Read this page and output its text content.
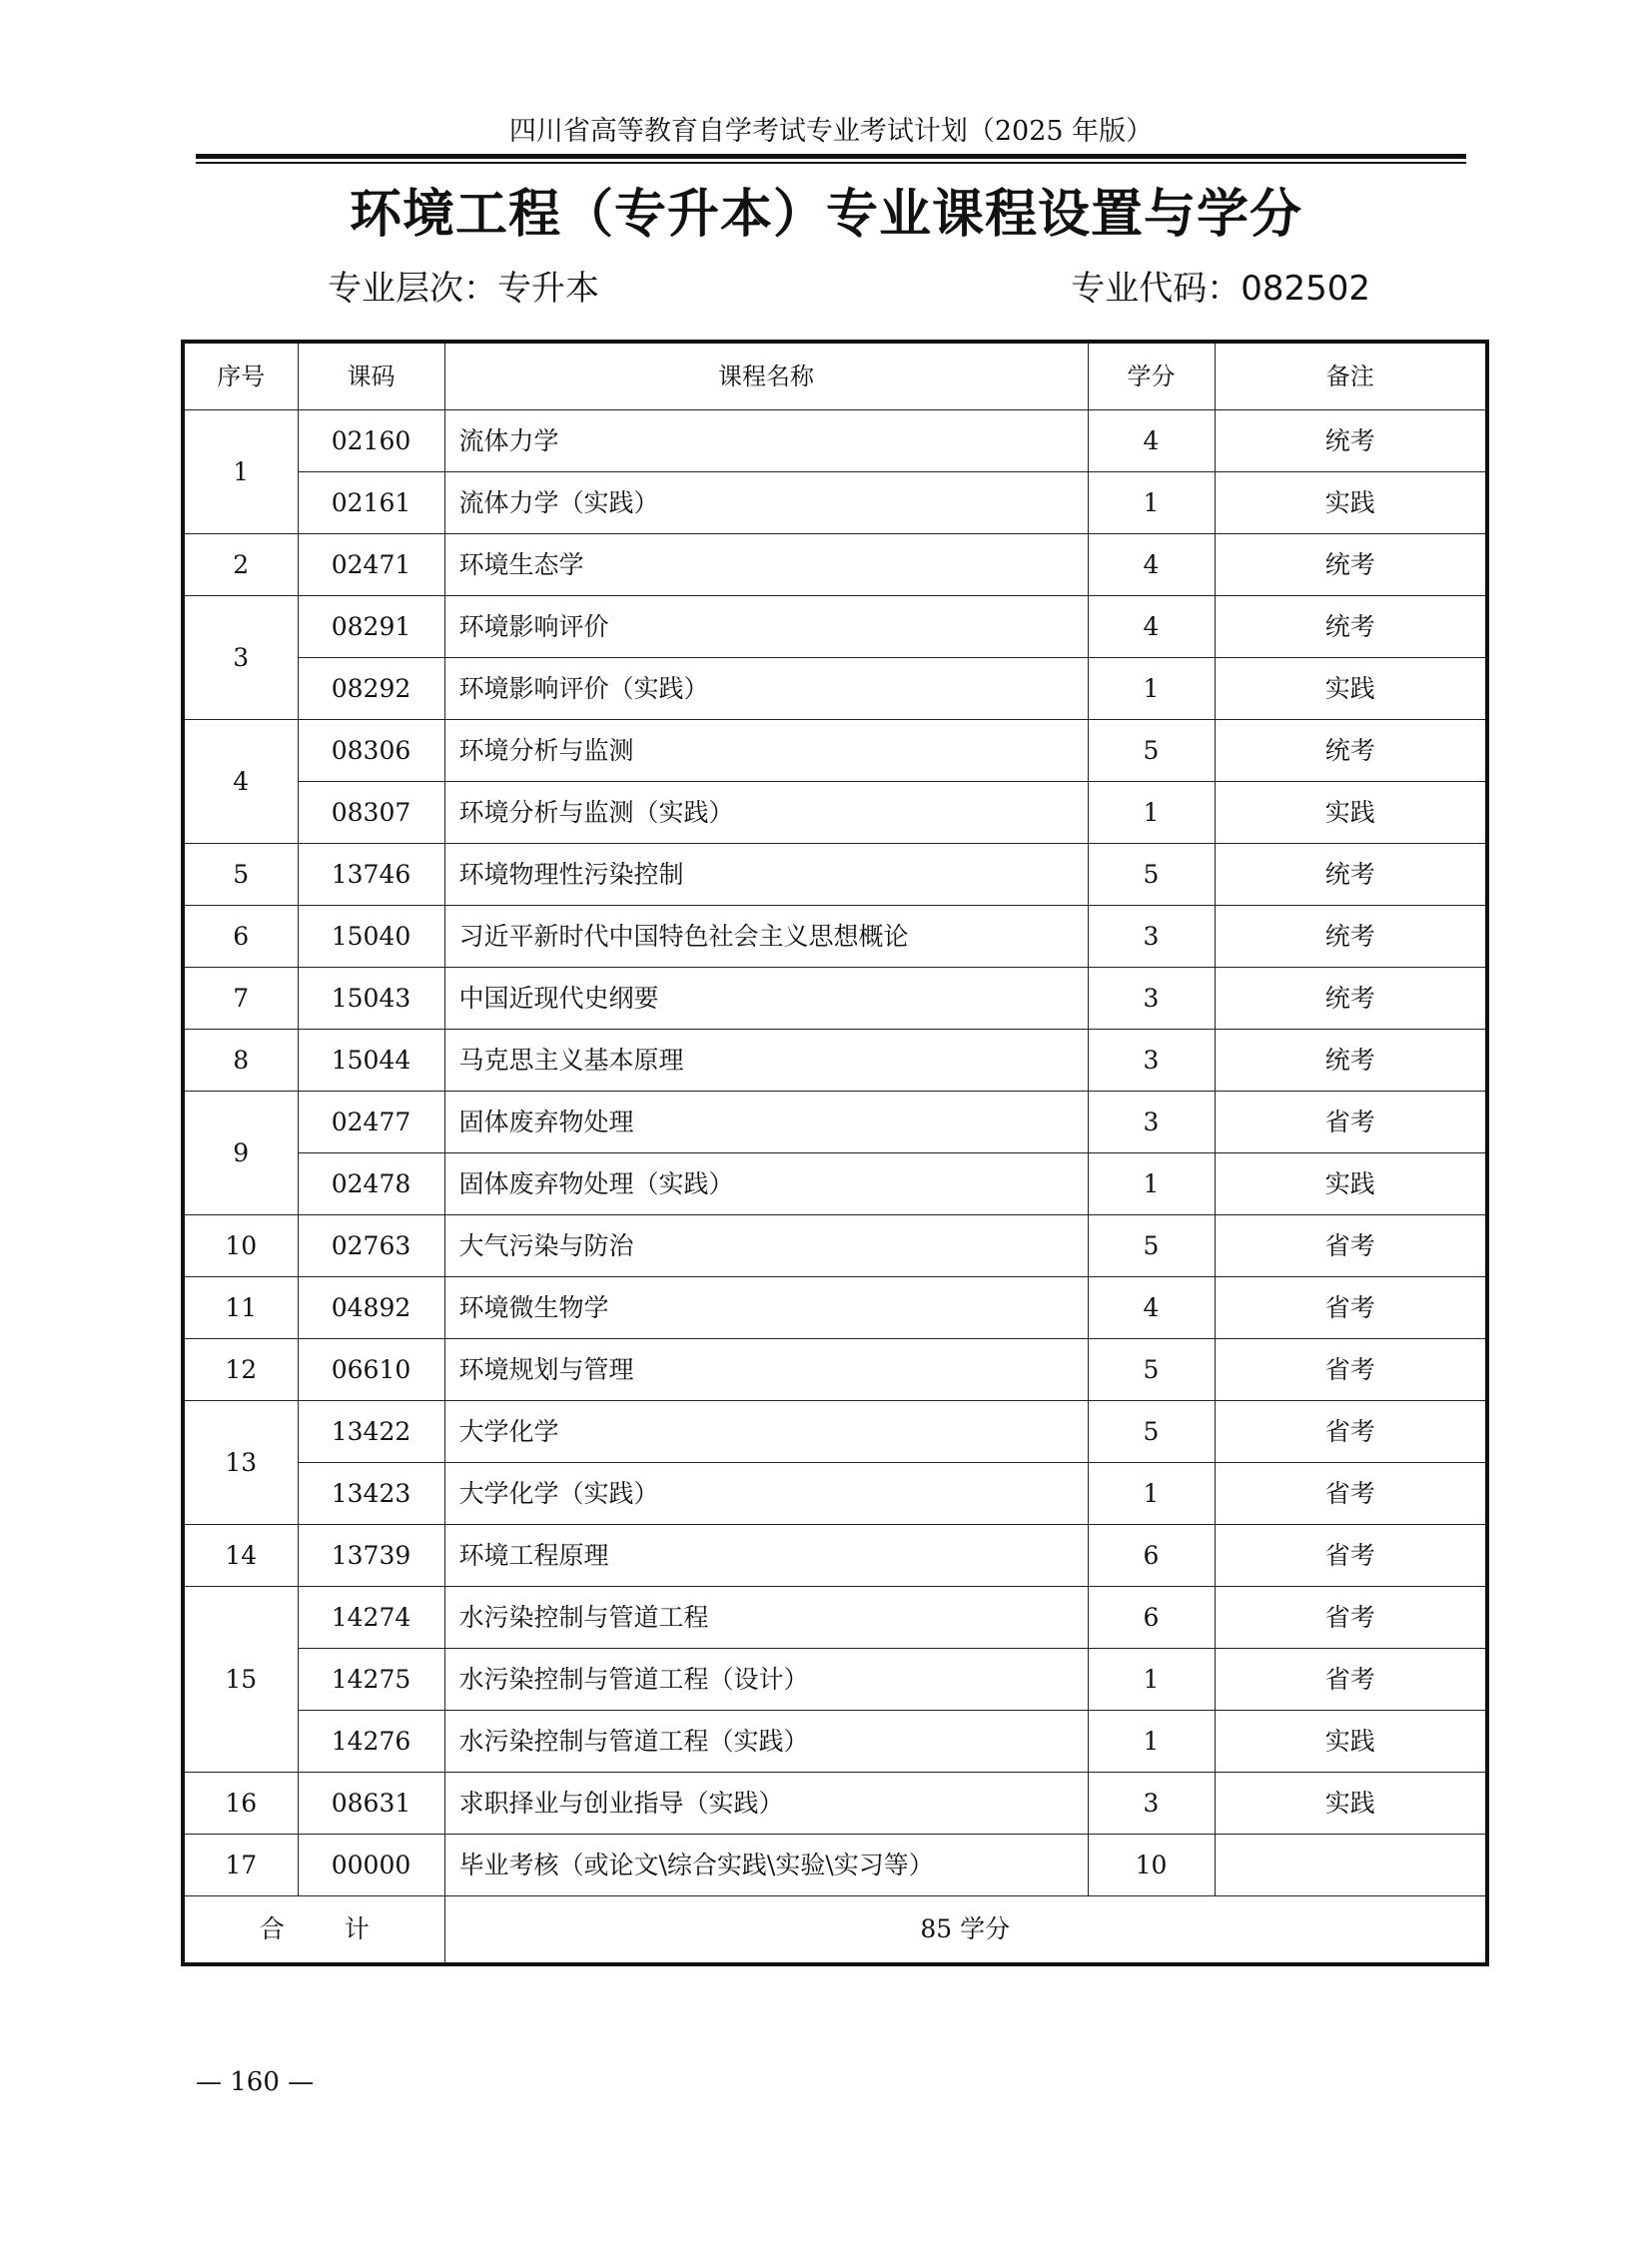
四川省高等教育自学考试专业考试计划（2025 年版）
环境工程（专升本）专业课程设置与学分
专业层次：专升本	专业代码：082502
序号	课码	课程名称	学分	备注
1	02160	流体力学	4	统考
	02161	流体力学（实践）	1	实践
2	02471	环境生态学	4	统考
3	08291	环境影响评价	4	统考
	08292	环境影响评价（实践）	1	实践
4	08306	环境分析与监测	5	统考
	08307	环境分析与监测（实践）	1	实践
5	13746	环境物理性污染控制	5	统考
6	15040	习近平新时代中国特色社会主义思想概论	3	统考
7	15043	中国近现代史纲要	3	统考
8	15044	马克思主义基本原理	3	统考
9	02477	固体废弃物处理	3	省考
	02478	固体废弃物处理（实践）	1	实践
10	02763	大气污染与防治	5	省考
11	04892	环境微生物学	4	省考
12	06610	环境规划与管理	5	省考
13	13422	大学化学	5	省考
	13423	大学化学（实践）	1	省考
14	13739	环境工程原理	6	省考
15	14274	水污染控制与管道工程	6	省考
	14275	水污染控制与管道工程（设计）	1	省考
	14276	水污染控制与管道工程（实践）	1	实践
16	08631	求职择业与创业指导（实践）	3	实践
17	00000	毕业考核（或论文\综合实践\实验\实习等）	10	
合计		85 学分		
— 160 —
